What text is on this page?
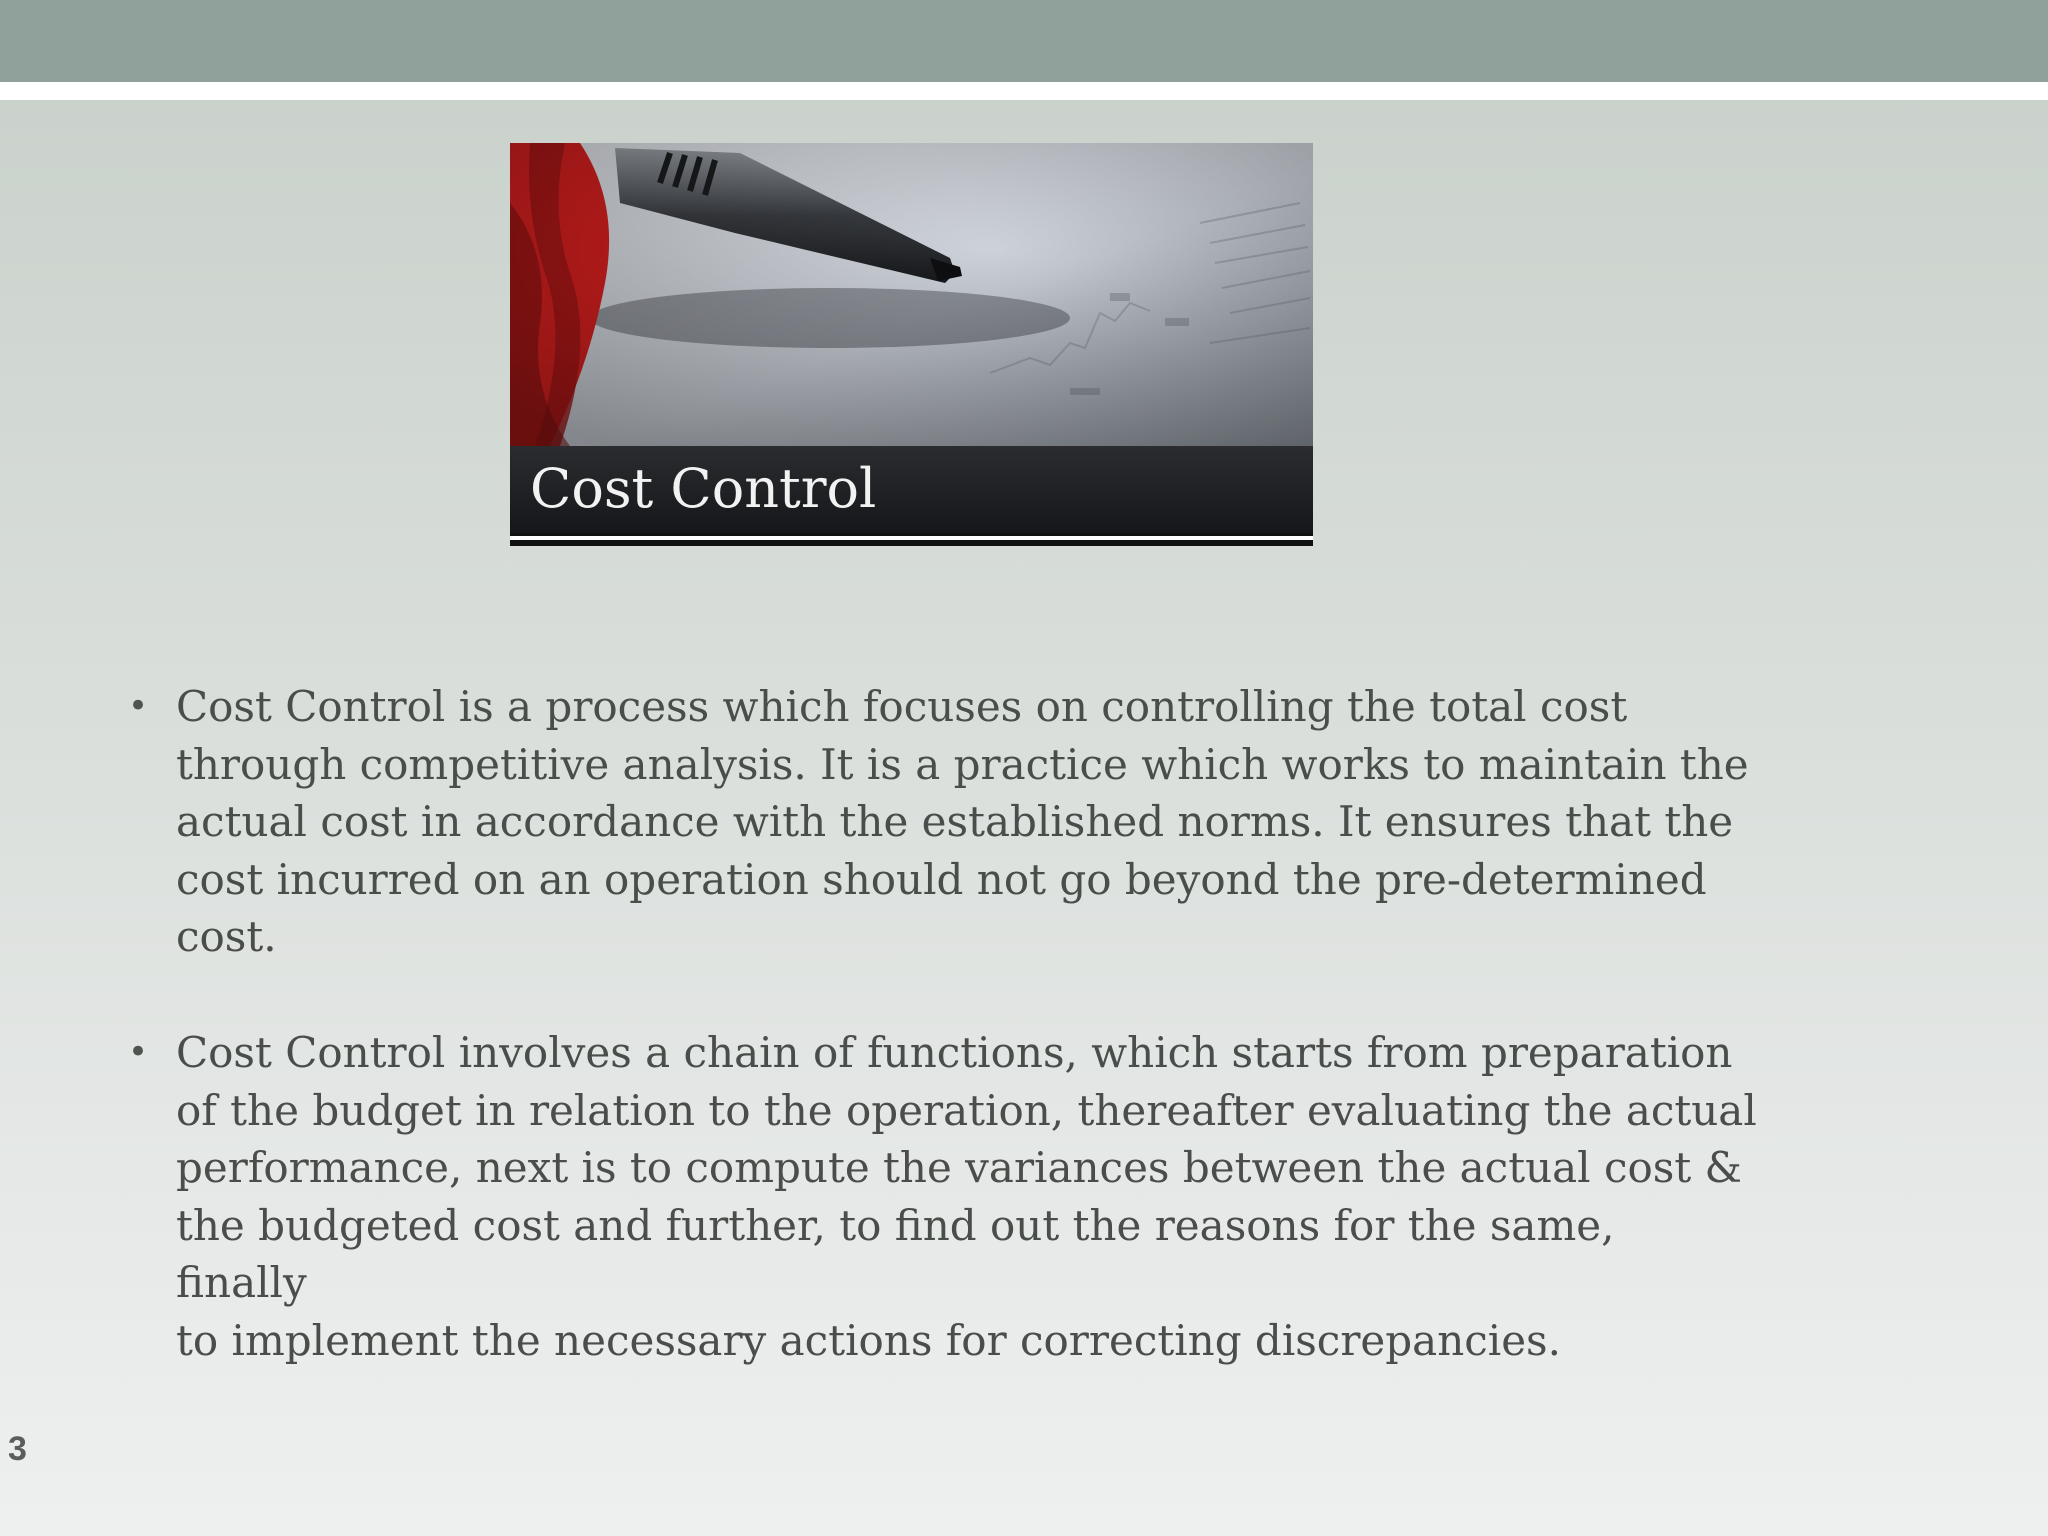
Cost Control
• Cost Control is a process which focuses on controlling the total cost
through competitive analysis. It is a practice which works to maintain the
actual cost in accordance with the established norms. It ensures that the
cost incurred on an operation should not go beyond the pre-determined
cost.
• Cost Control involves a chain of functions, which starts from preparation
of the budget in relation to the operation, thereafter evaluating the actual
performance, next is to compute the variances between the actual cost &
the budgeted cost and further, to find out the reasons for the same, finally
to implement the necessary actions for correcting discrepancies.
3
